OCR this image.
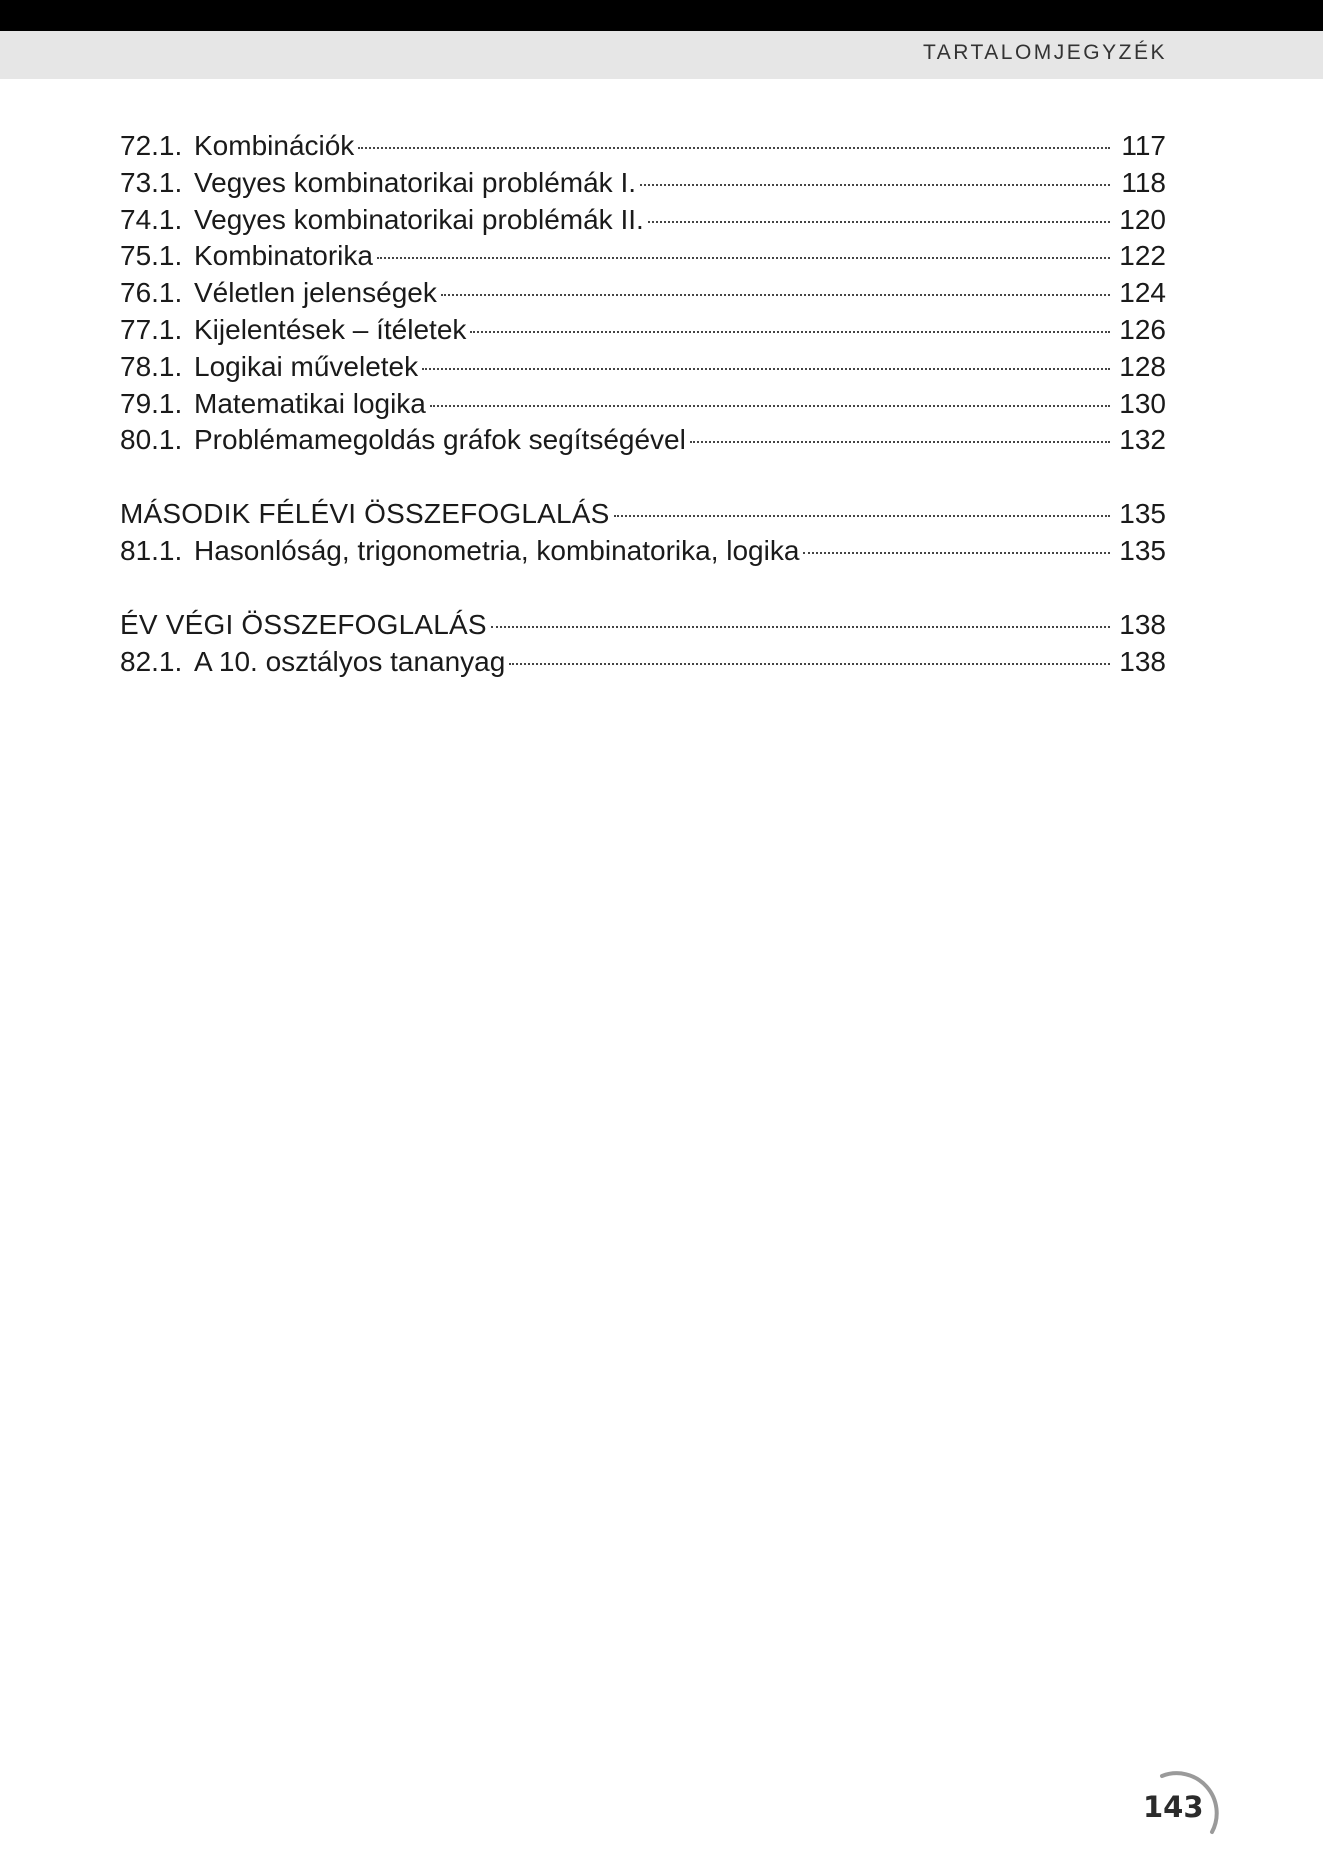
TARTALOMJEGYZÉK
72.1. Kombinációk	117
73.1. Vegyes kombinatorikai problémák I.	118
74.1. Vegyes kombinatorikai problémák II.	120
75.1. Kombinatorika	122
76.1. Véletlen jelenségek	124
77.1. Kijelentések – ítéletek	126
78.1. Logikai műveletek	128
79.1. Matematikai logika	130
80.1. Problémamegoldás gráfok segítségével	132
MÁSODIK FÉLÉVI ÖSSZEFOGLALÁS	135
81.1. Hasonlóság, trigonometria, kombinatorika, logika	135
ÉV VÉGI ÖSSZEFOGLALÁS	138
82.1. A 10. osztályos tananyag	138
143
